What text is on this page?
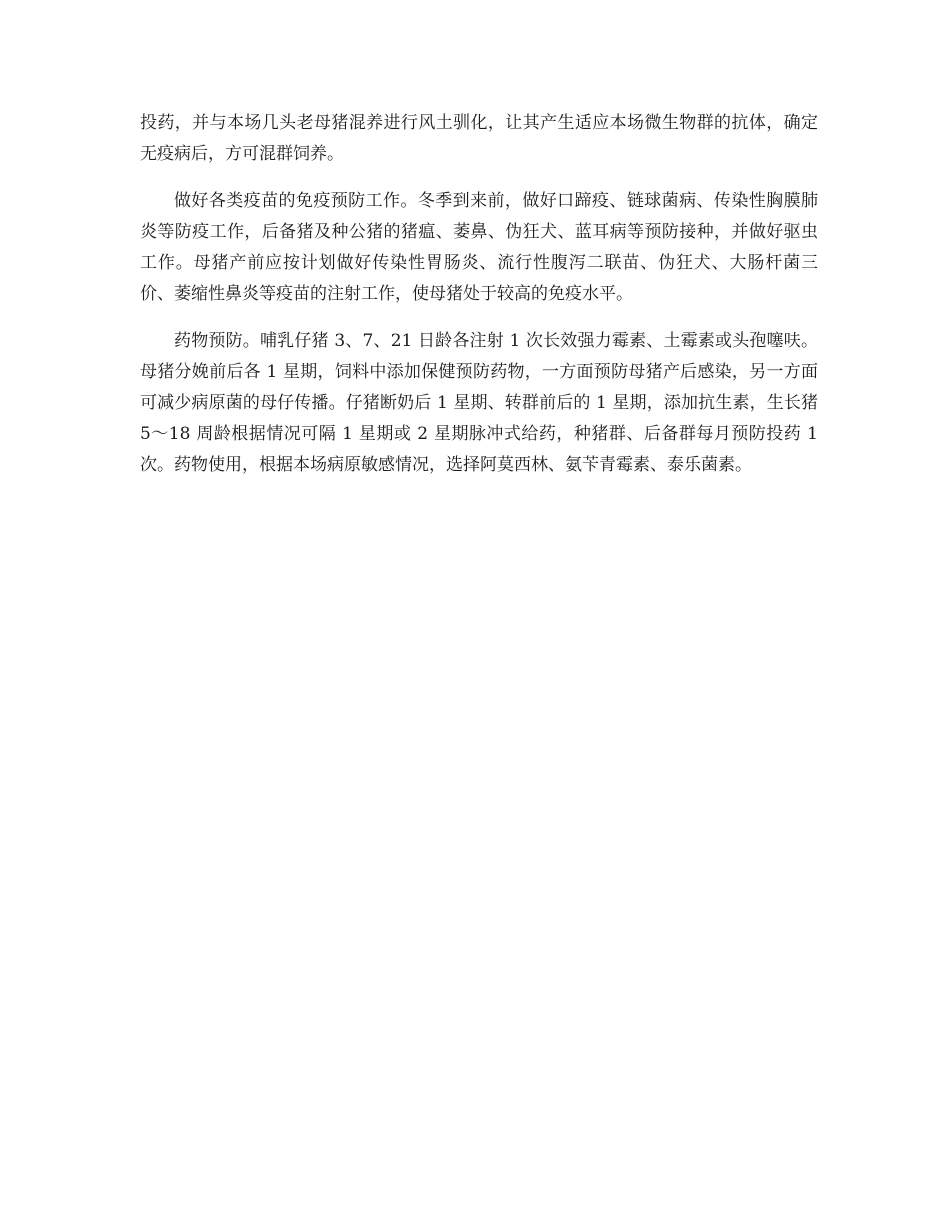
投药，并与本场几头老母猪混养进行风土驯化，让其产生适应本场微生物群的抗体，确定无疫病后，方可混群饲养。

做好各类疫苗的免疫预防工作。冬季到来前，做好口蹄疫、链球菌病、传染性胸膜肺炎等防疫工作，后备猪及种公猪的猪瘟、萎鼻、伪狂犬、蓝耳病等预防接种，并做好驱虫工作。母猪产前应按计划做好传染性胃肠炎、流行性腹泻二联苗、伪狂犬、大肠杆菌三价、萎缩性鼻炎等疫苗的注射工作，使母猪处于较高的免疫水平。

药物预防。哺乳仔猪 3、7、21 日龄各注射 1 次长效强力霉素、土霉素或头孢噻呋。母猪分娩前后各 1 星期，饲料中添加保健预防药物，一方面预防母猪产后感染，另一方面可减少病原菌的母仔传播。仔猪断奶后 1 星期、转群前后的 1 星期，添加抗生素，生长猪 5～18 周龄根据情况可隔 1 星期或 2 星期脉冲式给药，种猪群、后备群每月预防投药 1 次。药物使用，根据本场病原敏感情况，选择阿莫西林、氨苄青霉素、泰乐菌素。
